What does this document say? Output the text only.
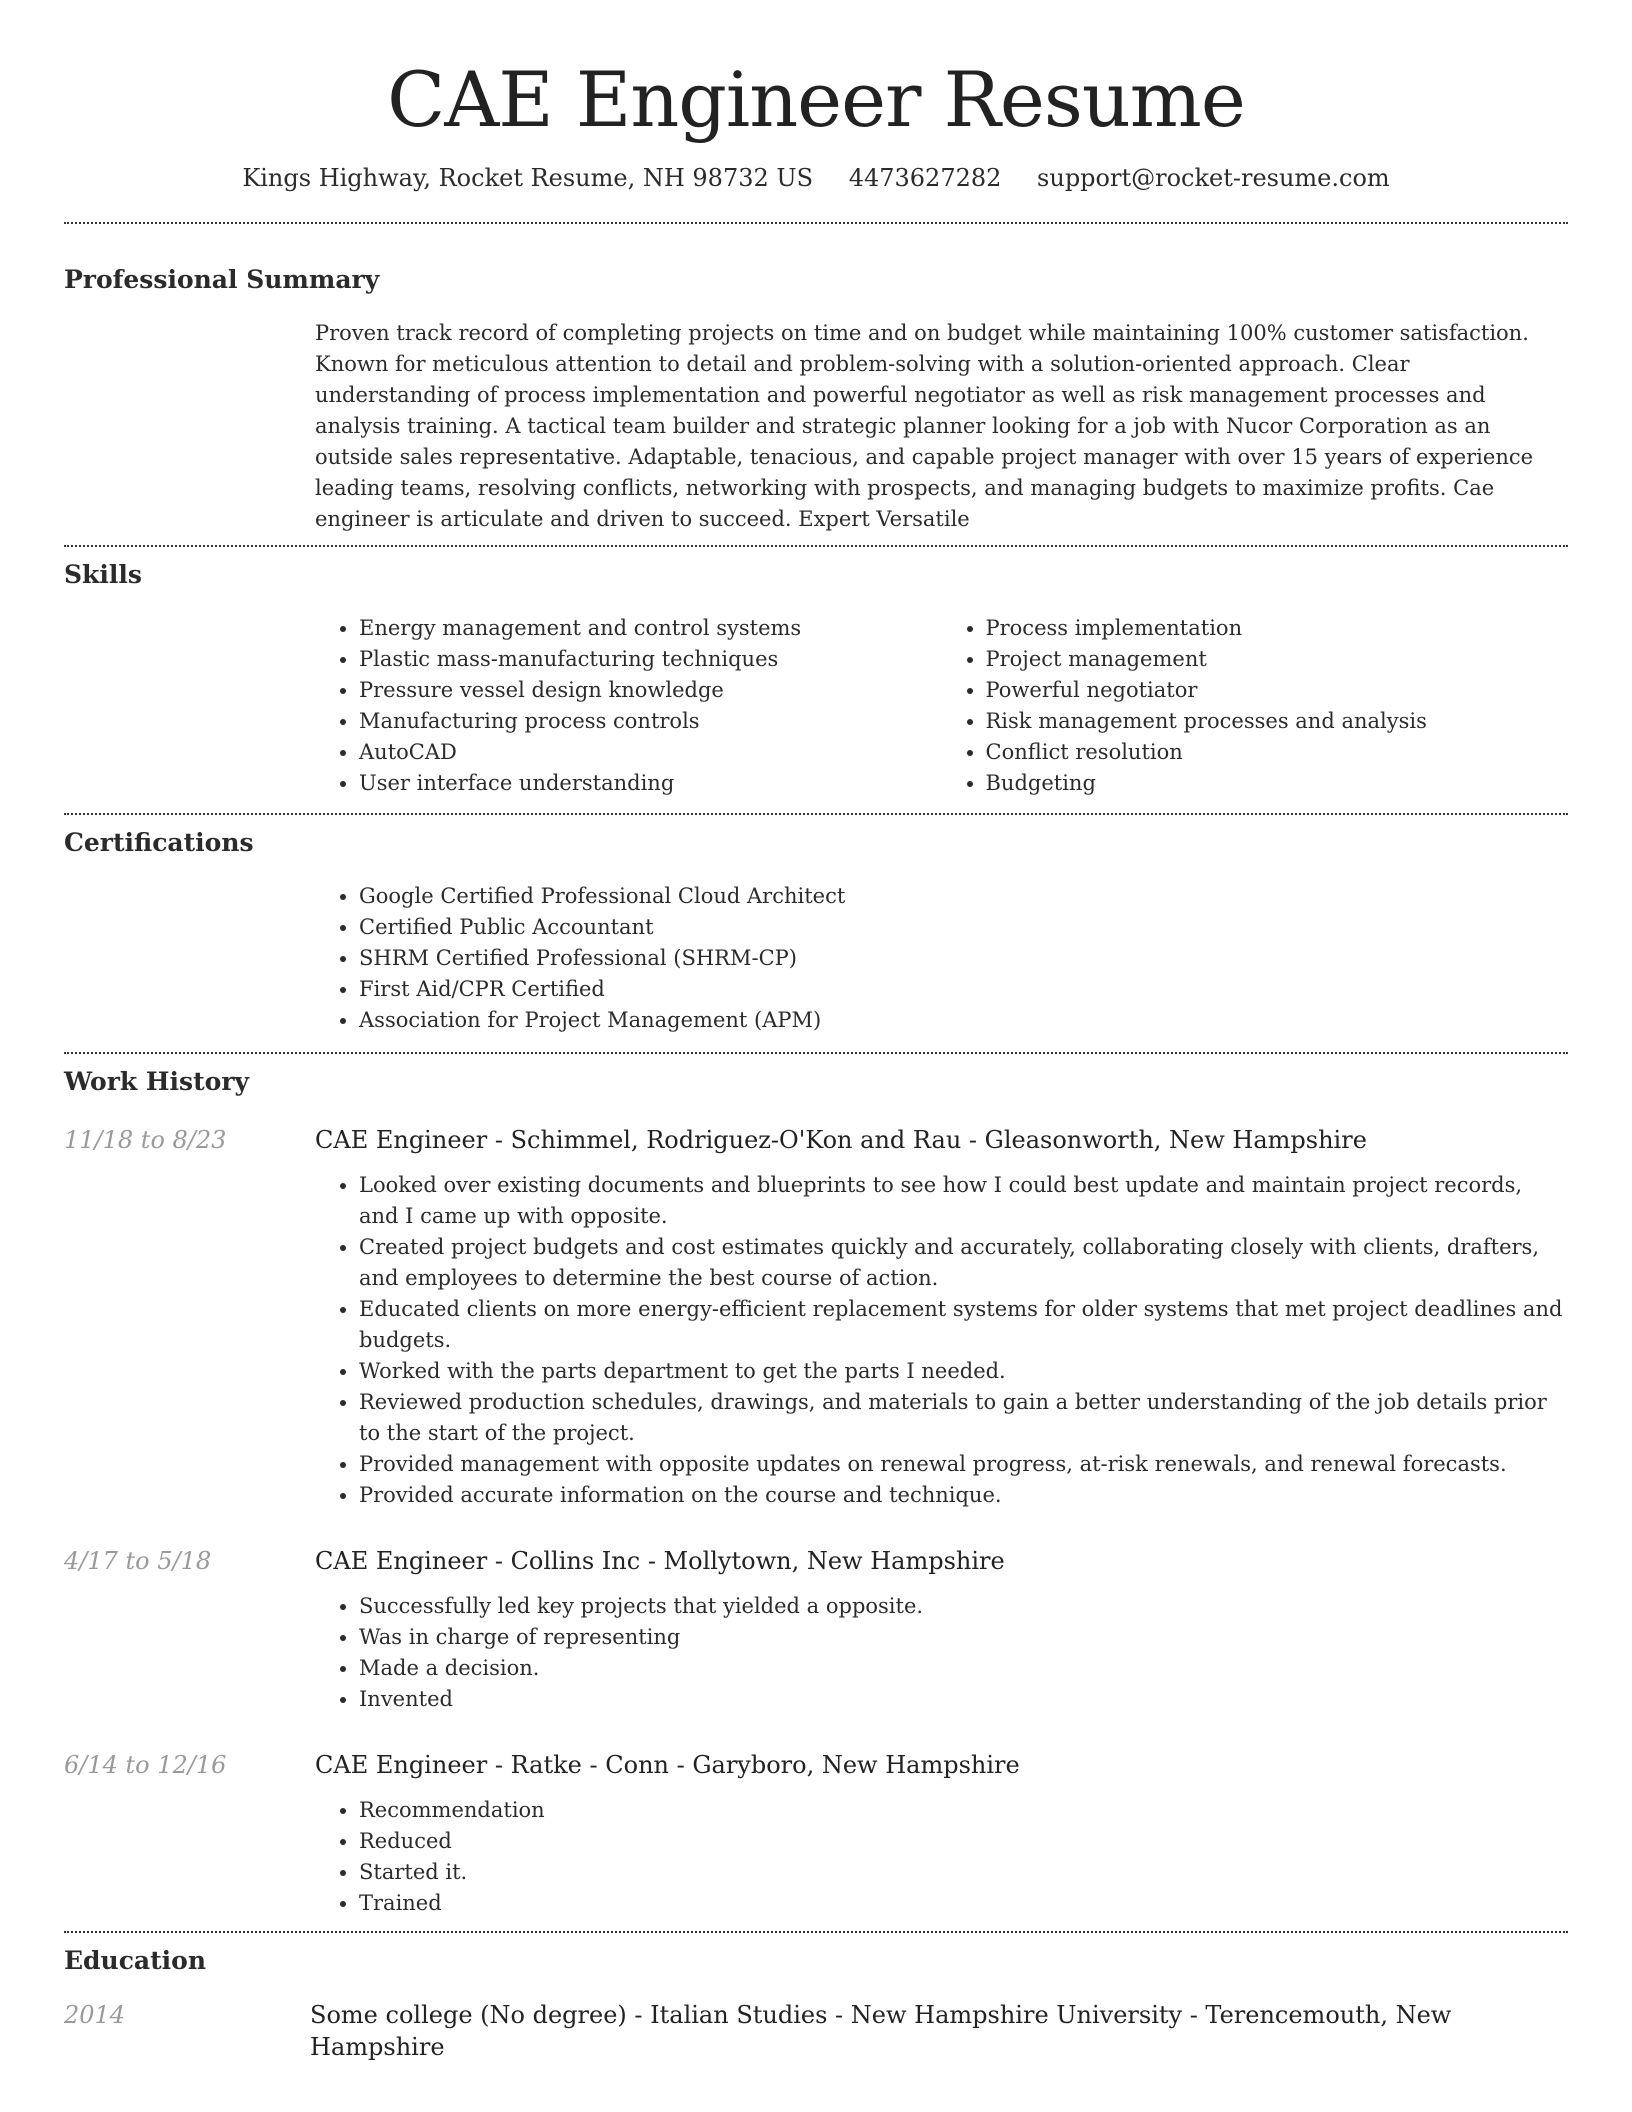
CAE Engineer Resume
Kings Highway, Rocket Resume, NH 98732 US 4473627282 support@rocket-resume.com
Professional Summary
Proven track record of completing projects on time and on budget while maintaining 100% customer satisfaction. Known for meticulous attention to detail and problem-solving with a solution-oriented approach. Clear understanding of process implementation and powerful negotiator as well as risk management processes and analysis training. A tactical team builder and strategic planner looking for a job with Nucor Corporation as an outside sales representative. Adaptable, tenacious, and capable project manager with over 15 years of experience leading teams, resolving conflicts, networking with prospects, and managing budgets to maximize profits. Cae engineer is articulate and driven to succeed. Expert Versatile
Skills
• Energy management and control systems
• Plastic mass-manufacturing techniques
• Pressure vessel design knowledge
• Manufacturing process controls
• AutoCAD
• User interface understanding
• Process implementation
• Project management
• Powerful negotiator
• Risk management processes and analysis
• Conflict resolution
• Budgeting
Certifications
• Google Certified Professional Cloud Architect
• Certified Public Accountant
• SHRM Certified Professional (SHRM-CP)
• First Aid/CPR Certified
• Association for Project Management (APM)
Work History
11/18 to 8/23	CAE Engineer - Schimmel, Rodriguez-O'Kon and Rau - Gleasonworth, New Hampshire
• Looked over existing documents and blueprints to see how I could best update and maintain project records, and I came up with opposite.
• Created project budgets and cost estimates quickly and accurately, collaborating closely with clients, drafters, and employees to determine the best course of action.
• Educated clients on more energy-efficient replacement systems for older systems that met project deadlines and budgets.
• Worked with the parts department to get the parts I needed.
• Reviewed production schedules, drawings, and materials to gain a better understanding of the job details prior to the start of the project.
• Provided management with opposite updates on renewal progress, at-risk renewals, and renewal forecasts.
• Provided accurate information on the course and technique.
4/17 to 5/18	CAE Engineer - Collins Inc - Mollytown, New Hampshire
• Successfully led key projects that yielded a opposite.
• Was in charge of representing
• Made a decision.
• Invented
6/14 to 12/16	CAE Engineer - Ratke - Conn - Garyboro, New Hampshire
• Recommendation
• Reduced
• Started it.
• Trained
Education
2014	Some college (No degree) - Italian Studies - New Hampshire University - Terencemouth, New Hampshire
